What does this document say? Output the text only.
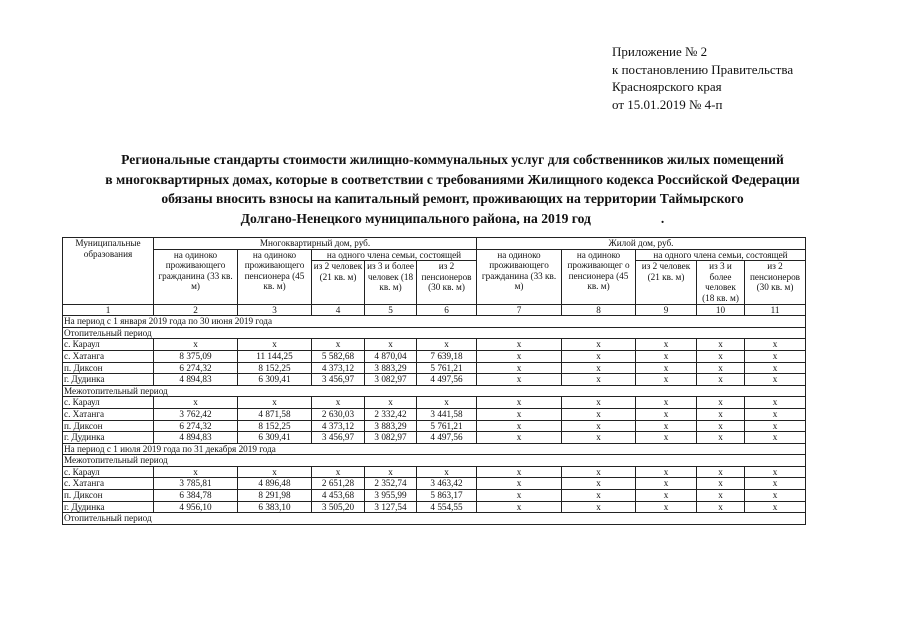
Приложение № 2
к постановлению Правительства
Красноярского края
от 15.01.2019 № 4-п
Региональные стандарты стоимости жилищно-коммунальных услуг для собственников жилых помещений
в многоквартирных домах, которые в соответствии с требованиями Жилищного кодекса Российской Федерации
обязаны вносить взносы на капитальный ремонт, проживающих на территории Таймырского
Долгано-Ненецкого муниципального района, на 2019 год	.
Муниципальные образования	Многоквартирный дом, руб.					Жилой дом, руб.				
	на одиноко проживающего гражданина (33 кв. м)	на одиноко проживающего пенсионера (45 кв. м)	на одного члена семьи, состоящей			на одиноко проживающего гражданина (33 кв. м)	на одиноко проживающег о пенсионера (45 кв. м)	на одного члена семьи, состоящей		
			из 2 человек (21 кв. м)	из 3 и более человек (18 кв. м)	из 2 пенсионеров (30 кв. м)			из 2 человек (21 кв. м)	из 3 и более человек (18 кв. м)	из 2 пенсионеров (30 кв. м)
1	2	3	4	5	6	7	8	9	10	11
На период с 1 января 2019 года по 30 июня 2019 года										
Отопительный период										
с. Караул	х	х	х	х	х	х	х	х	х	х
с. Хатанга	8 375,09	11 144,25	5 582,68	4 870,04	7 639,18	х	х	х	х	х
п. Диксон	6 274,32	8 152,25	4 373,12	3 883,29	5 761,21	х	х	х	х	х
г. Дудинка	4 894,83	6 309,41	3 456,97	3 082,97	4 497,56	х	х	х	х	х
Межотопительный период										
с. Караул	х	х	х	х	х	х	х	х	х	х
с. Хатанга	3 762,42	4 871,58	2 630,03	2 332,42	3 441,58	х	х	х	х	х
п. Диксон	6 274,32	8 152,25	4 373,12	3 883,29	5 761,21	х	х	х	х	х
г. Дудинка	4 894,83	6 309,41	3 456,97	3 082,97	4 497,56	х	х	х	х	х
На период с 1 июля 2019 года по 31 декабря 2019 года										
Межотопительный период										
с. Караул	х	х	х	х	х	х	х	х	х	х
с. Хатанга	3 785,81	4 896,48	2 651,28	2 352,74	3 463,42	х	х	х	х	х
п. Диксон	6 384,78	8 291,98	4 453,68	3 955,99	5 863,17	х	х	х	х	х
г. Дудинка	4 956,10	6 383,10	3 505,20	3 127,54	4 554,55	х	х	х	х	х
Отопительный период										
